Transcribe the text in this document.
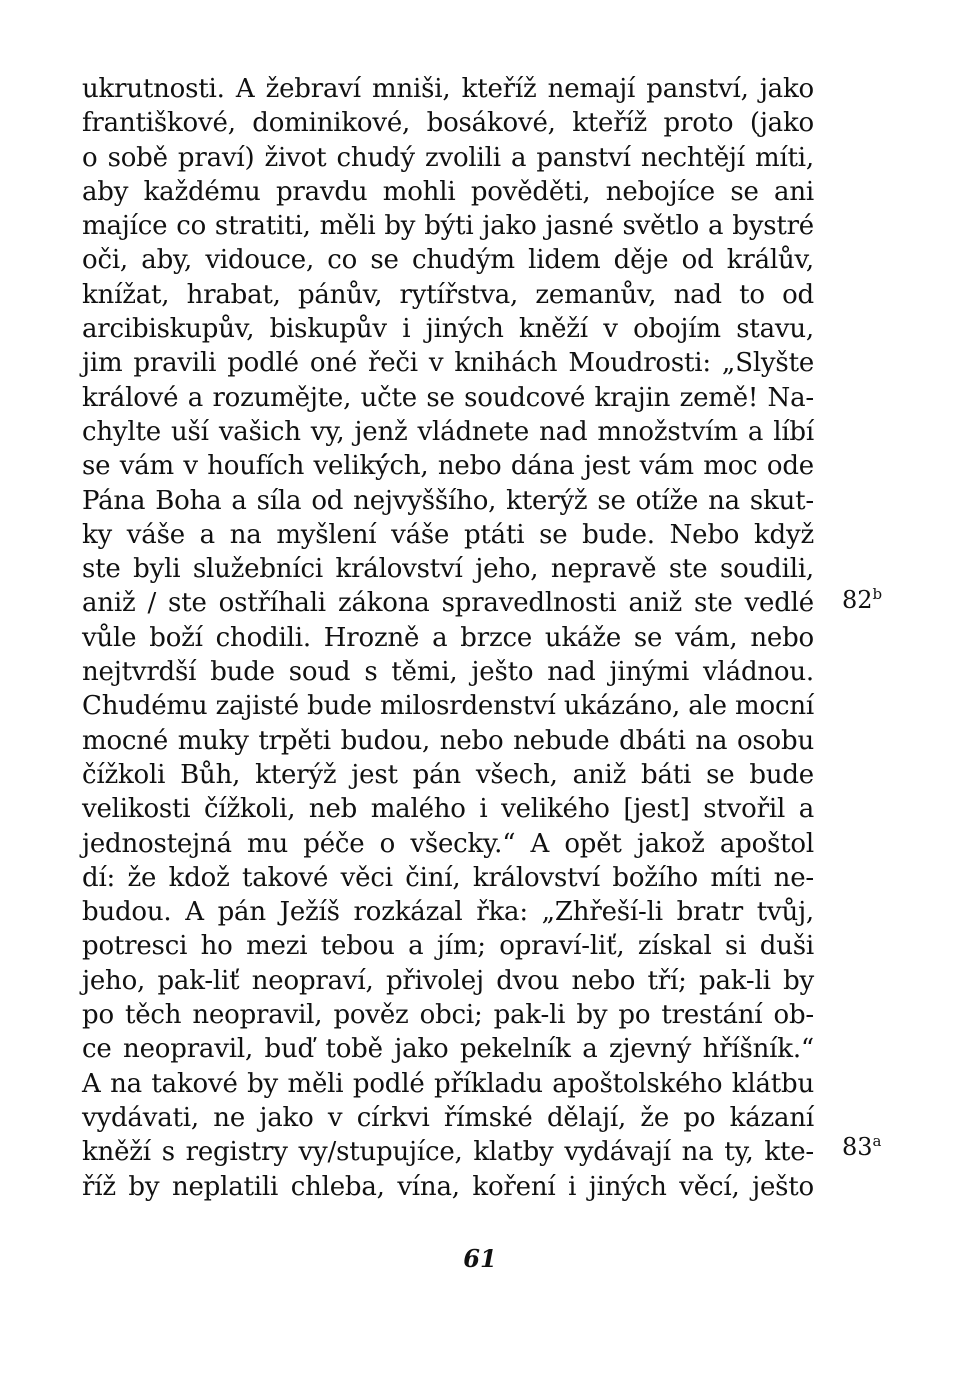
ukrutnosti. A žebraví mniši, kteříž nemají panství, jako
františkové, dominikové, bosákové, kteříž proto (jako
o sobě praví) život chudý zvolili a panství nechtějí míti,
aby každému pravdu mohli pověděti, nebojíce se ani
majíce co stratiti, měli by býti jako jasné světlo a bystré
oči, aby, vidouce, co se chudým lidem děje od králův,
knížat, hrabat, pánův, rytířstva, zemanův, nad to od
arcibiskupův, biskupův i jiných kněží v obojím stavu,
jim pravili podlé oné řeči v knihách Moudrosti: „Slyšte
králové a rozumějte, učte se soudcové krajin země! Na-
chylte uší vašich vy, jenž vládnete nad množstvím a líbí
se vám v houfích veliký́ch, nebo dána jest vám moc ode
Pána Boha a síla od nejvyššího, kterýž se otíže na skut-
ky váše a na myšlení váše ptáti se bude. Nebo když
ste byli služebníci království jeho, nepravě ste soudili,
aniž / ste ostříhali zákona spravedlnosti aniž ste vedlé
vůle boží chodili. Hrozně a brzce ukáže se vám, nebo
nejtvrdší bude soud s těmi, ješto nad jinými vládnou.
Chudému zajisté bude milosrdenství ukázáno, ale mocní
mocné muky trpěti budou, nebo nebude dbáti na osobu
čížkoli Bůh, kterýž jest pán všech, aniž báti se bude
velikosti čížkoli, neb malého i velikého [jest] stvořil a
jednostejná mu péče o všecky.“ A opět jakož apoštol
dí: že kdož takové věci činí, království božího míti ne-
budou. A pán Ježíš rozkázal řka: „Zhřeší-li bratr tvůj,
potresci ho mezi tebou a jím; opraví-liť, získal si duši
jeho, pak-liť neopraví, přivolej dvou nebo tří; pak-li by
po těch neopravil, pověz obci; pak-li by po trestání ob-
ce neopravil, buď tobě jako pekelník a zjevný hříšník.“
A na takové by měli podlé příkladu apoštolského klátbu
vydávati, ne jako v církvi římské dělají, že po kázaní
kněží s registry vy/stupujíce, klatby vydávají na ty, kte-
říž by neplatili chleba, vína, koření i jiných věcí, ješto
82$^b$
83$^a$
61
